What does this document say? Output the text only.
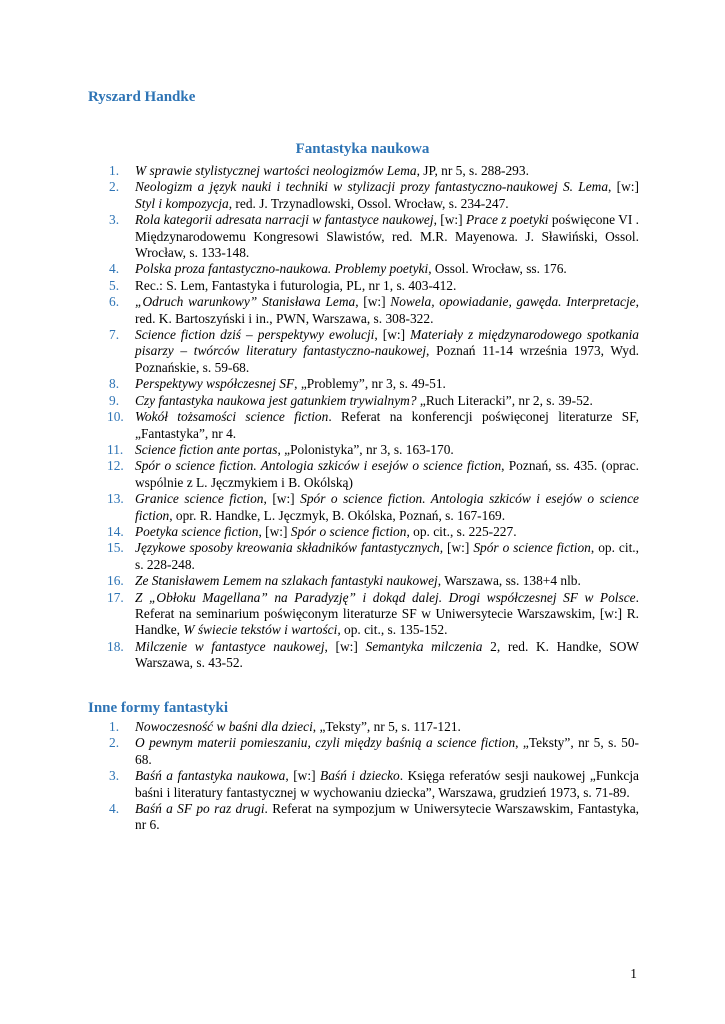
Ryszard Handke
Fantastyka naukowa
1. W sprawie stylistycznej wartości neologizmów Lema, JP, nr 5, s. 288-293.
2. Neologizm a język nauki i techniki w stylizacji prozy fantastyczno-naukowej S. Lema, [w:] Styl i kompozycja, red. J. Trzynadlowski, Ossol. Wrocław, s. 234-247.
3. Rola kategorii adresata narracji w fantastyce naukowej, [w:] Prace z poetyki poświęcone VI . Międzynarodowemu Kongresowi Slawistów, red. M.R. Mayenowa. J. Sławiński, Ossol. Wrocław, s. 133-148.
4. Polska proza fantastyczno-naukowa. Problemy poetyki, Ossol. Wrocław, ss. 176.
5. Rec.: S. Lem, Fantastyka i futurologia, PL, nr 1, s. 403-412.
6. „Odruch warunkowy” Stanisława Lema, [w:] Nowela, opowiadanie, gawęda. Interpretacje, red. K. Bartoszyński i in., PWN, Warszawa, s. 308-322.
7. Science fiction dziś – perspektywy ewolucji, [w:] Materiały z międzynarodowego spotkania pisarzy – twórców literatury fantastyczno-naukowej, Poznań 11-14 września 1973, Wyd. Poznańskie, s. 59-68.
8. Perspektywy współczesnej SF, „Problemy”, nr 3, s. 49-51.
9. Czy fantastyka naukowa jest gatunkiem trywialnym? „Ruch Literacki”, nr 2, s. 39-52.
10. Wokół tożsamości science fiction. Referat na konferencji poświęconej literaturze SF, „Fantastyka”, nr 4.
11. Science fiction ante portas, „Polonistyka”, nr 3, s. 163-170.
12. Spór o science fiction. Antologia szkiców i esejów o science fiction, Poznań, ss. 435. (oprac. wspólnie z L. Jęczmykiem i B. Okólską)
13. Granice science fiction, [w:] Spór o science fiction. Antologia szkiców i esejów o science fiction, opr. R. Handke, L. Jęczmyk, B. Okólska, Poznań, s. 167-169.
14. Poetyka science fiction, [w:] Spór o science fiction, op. cit., s. 225-227.
15. Językowe sposoby kreowania składników fantastycznych, [w:] Spór o science fiction, op. cit., s. 228-248.
16. Ze Stanisławem Lemem na szlakach fantastyki naukowej, Warszawa, ss. 138+4 nlb.
17. Z „Obłoku Magellana” na Paradyzję” i dokąd dalej. Drogi współczesnej SF w Polsce. Referat na seminarium poświęconym literaturze SF w Uniwersytecie Warszawskim, [w:] R. Handke, W świecie tekstów i wartości, op. cit., s. 135-152.
18. Milczenie w fantastyce naukowej, [w:] Semantyka milczenia 2, red. K. Handke, SOW Warszawa, s. 43-52.
Inne formy fantastyki
1. Nowoczesność w baśni dla dzieci, „Teksty”, nr 5, s. 117-121.
2. O pewnym materii pomieszaniu, czyli między baśnią a science fiction, „Teksty”, nr 5, s. 50-68.
3. Baśń a fantastyka naukowa, [w:] Baśń i dziecko. Księga referatów sesji naukowej „Funkcja baśni i literatury fantastycznej w wychowaniu dziecka”, Warszawa, grudzień 1973, s. 71-89.
4. Baśń a SF po raz drugi. Referat na sympozjum w Uniwersytecie Warszawskim, Fantastyka, nr 6.
1
